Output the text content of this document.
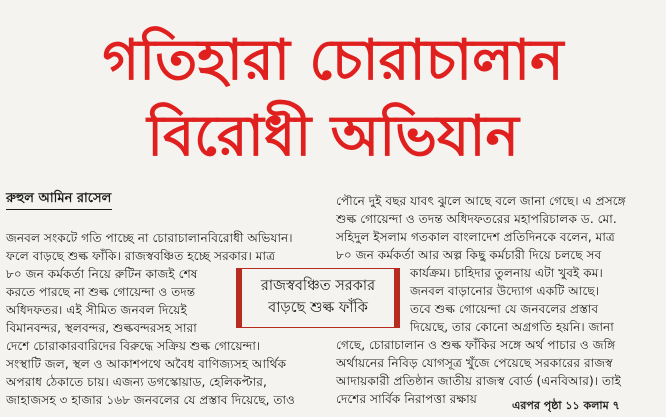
গতিহারা চোরাচালান
বিরোধী অভিযান
রুহুল আমিন রাসেল

জনবল সংকটে গতি পাচ্ছে না চোরাচালানবিরোধী অভিযান।

ফলে বাড়ছে শুল্ক ফাঁকি। রাজস্ববঞ্চিত হচ্ছে সরকার। মাত্র

৮০ জন কর্মকর্তা নিয়ে রুটিন কাজই শেষ

করতে পারছে না শুল্ক গোয়েন্দা ও তদন্ত

অধিদফতর। এই সীমিত জনবল দিয়েই

বিমানবন্দর, স্থলবন্দর, শুল্কবন্দরসহ সারা

দেশে চোরাকারবারিদের বিরুদ্ধে সক্রিয় শুল্ক গোয়েন্দা।

সংস্থাটি জল, স্থল ও আকাশপথে অবৈধ বাণিজ্যসহ আর্থিক

অপরাধ ঠেকাতে চায়। এজন্য ডগস্কোয়াড, হেলিকপ্টার,

জাহাজসহ ৩ হাজার ১৬৮ জনবলের যে প্রস্তাব দিয়েছে, তাও

পৌনে দুই বছর যাবৎ ঝুলে আছে বলে জানা গেছে। এ প্রসঙ্গে

শুল্ক গোয়েন্দা ও তদন্ত অধিদফতরের মহাপরিচালক ড. মো.

সহিদুল ইসলাম গতকাল বাংলাদেশ প্রতিদিনকে বলেন, মাত্র

৮০ জন কর্মকর্তা আর অল্প কিছু কর্মচারী দিয়ে চলছে সব

কার্যক্রম। চাহিদার তুলনায় এটা খুবই কম।

জনবল বাড়ানোর উদ্যোগ একটি আছে।

তবে শুল্ক গোয়েন্দা যে জনবলের প্রস্তাব

দিয়েছে, তার কোনো অগ্রগতি হয়নি। জানা

গেছে, চোরাচালান ও শুল্ক ফাঁকির সঙ্গে অর্থ পাচার ও জঙ্গি

অর্থায়নের নিবিড় যোগসূত্র খুঁজে পেয়েছে সরকারের রাজস্ব

আদায়কারী প্রতিষ্ঠান জাতীয় রাজস্ব বোর্ড (এনবিআর)। তাই

দেশের সার্বিক নিরাপত্তা রক্ষায়

রাজস্ববঞ্চিত সরকার
বাড়ছে শুল্ক ফাঁকি
এরপর পৃষ্ঠা ১১ কলাম ৭
